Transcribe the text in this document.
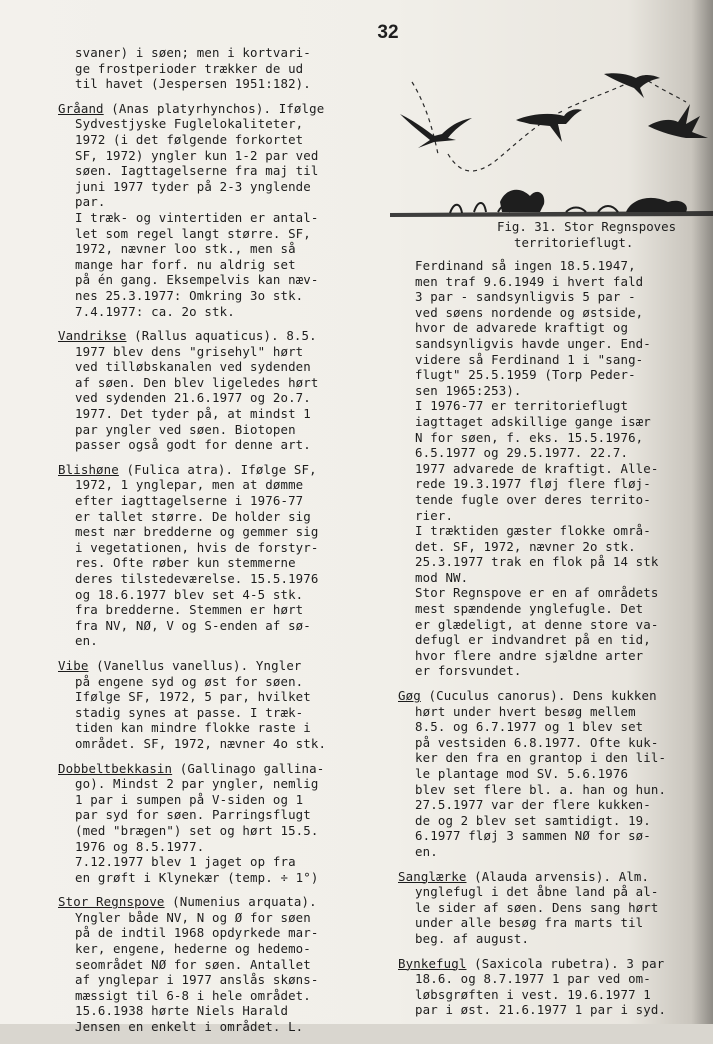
32
Fig. 31. Stor Regnspoves
territorieflugt.
svaner) i søen; men i kortvari-
ge frostperioder trækker de ud
til havet (Jespersen 1951:182).
Gråand (Anas platyrhynchos). Ifølge
Sydvestjyske Fuglelokaliteter,
1972 (i det følgende forkortet
SF, 1972) yngler kun 1-2 par ved
søen. Iagttagelserne fra maj til
juni 1977 tyder på 2-3 ynglende
par.
I træk- og vintertiden er antal-
let som regel langt større. SF,
1972, nævner loo stk., men så
mange har forf. nu aldrig set
på én gang. Eksempelvis kan næv-
nes 25.3.1977: Omkring 3o stk.
7.4.1977: ca. 2o stk.
Vandrikse (Rallus aquaticus). 8.5.
1977 blev dens "grisehyl" hørt
ved tilløbskanalen ved sydenden
af søen. Den blev ligeledes hørt
ved sydenden 21.6.1977 og 2o.7.
1977. Det tyder på, at mindst 1
par yngler ved søen. Biotopen
passer også godt for denne art.
Blishøne (Fulica atra). Ifølge SF,
1972, 1 ynglepar, men at dømme
efter iagttagelserne i 1976-77
er tallet større. De holder sig
mest nær bredderne og gemmer sig
i vegetationen, hvis de forstyr-
res. Ofte røber kun stemmerne
deres tilstedeværelse. 15.5.1976
og 18.6.1977 blev set 4-5 stk.
fra bredderne. Stemmen er hørt
fra NV, NØ, V og S-enden af sø-
en.
Vibe (Vanellus vanellus). Yngler
på engene syd og øst for søen.
Ifølge SF, 1972, 5 par, hvilket
stadig synes at passe. I træk-
tiden kan mindre flokke raste i
området. SF, 1972, nævner 4o stk.
Dobbeltbekkasin (Gallinago gallina-
go). Mindst 2 par yngler, nemlig
1 par i sumpen på V-siden og 1
par syd for søen. Parringsflugt
(med "brægen") set og hørt 15.5.
1976 og 8.5.1977.
7.12.1977 blev 1 jaget op fra
en grøft i Klynekær (temp. ÷ 1°)
Stor Regnspove (Numenius arquata).
Yngler både NV, N og Ø for søen
på de indtil 1968 opdyrkede mar-
ker, engene, hederne og hedemo-
seområdet NØ for søen. Antallet
af ynglepar i 1977 anslås skøns-
mæssigt til 6-8 i hele området.
15.6.1938 hørte Niels Harald
Jensen en enkelt i området. L.
Ferdinand så ingen 18.5.1947,
men traf 9.6.1949 i hvert fald
3 par - sandsynligvis 5 par -
ved søens nordende og østside,
hvor de advarede kraftigt og
sandsynligvis havde unger. End-
videre så Ferdinand 1 i "sang-
flugt" 25.5.1959 (Torp Peder-
sen 1965:253).
I 1976-77 er territorieflugt
iagttaget adskillige gange især
N for søen, f. eks. 15.5.1976,
6.5.1977 og 29.5.1977. 22.7.
1977 advarede de kraftigt. Alle-
rede 19.3.1977 fløj flere fløj-
tende fugle over deres territo-
rier.
I træktiden gæster flokke områ-
det. SF, 1972, nævner 2o stk.
25.3.1977 trak en flok på 14 stk
mod NW.
Stor Regnspove er en af områdets
mest spændende ynglefugle. Det
er glædeligt, at denne store va-
defugl er indvandret på en tid,
hvor flere andre sjældne arter
er forsvundet.
Gøg (Cuculus canorus). Dens kukken
hørt under hvert besøg mellem
8.5. og 6.7.1977 og 1 blev set
på vestsiden 6.8.1977. Ofte kuk-
ker den fra en grantop i den lil-
le plantage mod SV. 5.6.1976
blev set flere bl. a. han og hun.
27.5.1977 var der flere kukken-
de og 2 blev set samtidigt. 19.
6.1977 fløj 3 sammen NØ for sø-
en.
Sanglærke (Alauda arvensis). Alm.
ynglefugl i det åbne land på al-
le sider af søen. Dens sang hørt
under alle besøg fra marts til
beg. af august.
Bynkefugl (Saxicola rubetra). 3 par
18.6. og 8.7.1977 1 par ved om-
løbsgrøften i vest. 19.6.1977 1
par i øst. 21.6.1977 1 par i syd.
